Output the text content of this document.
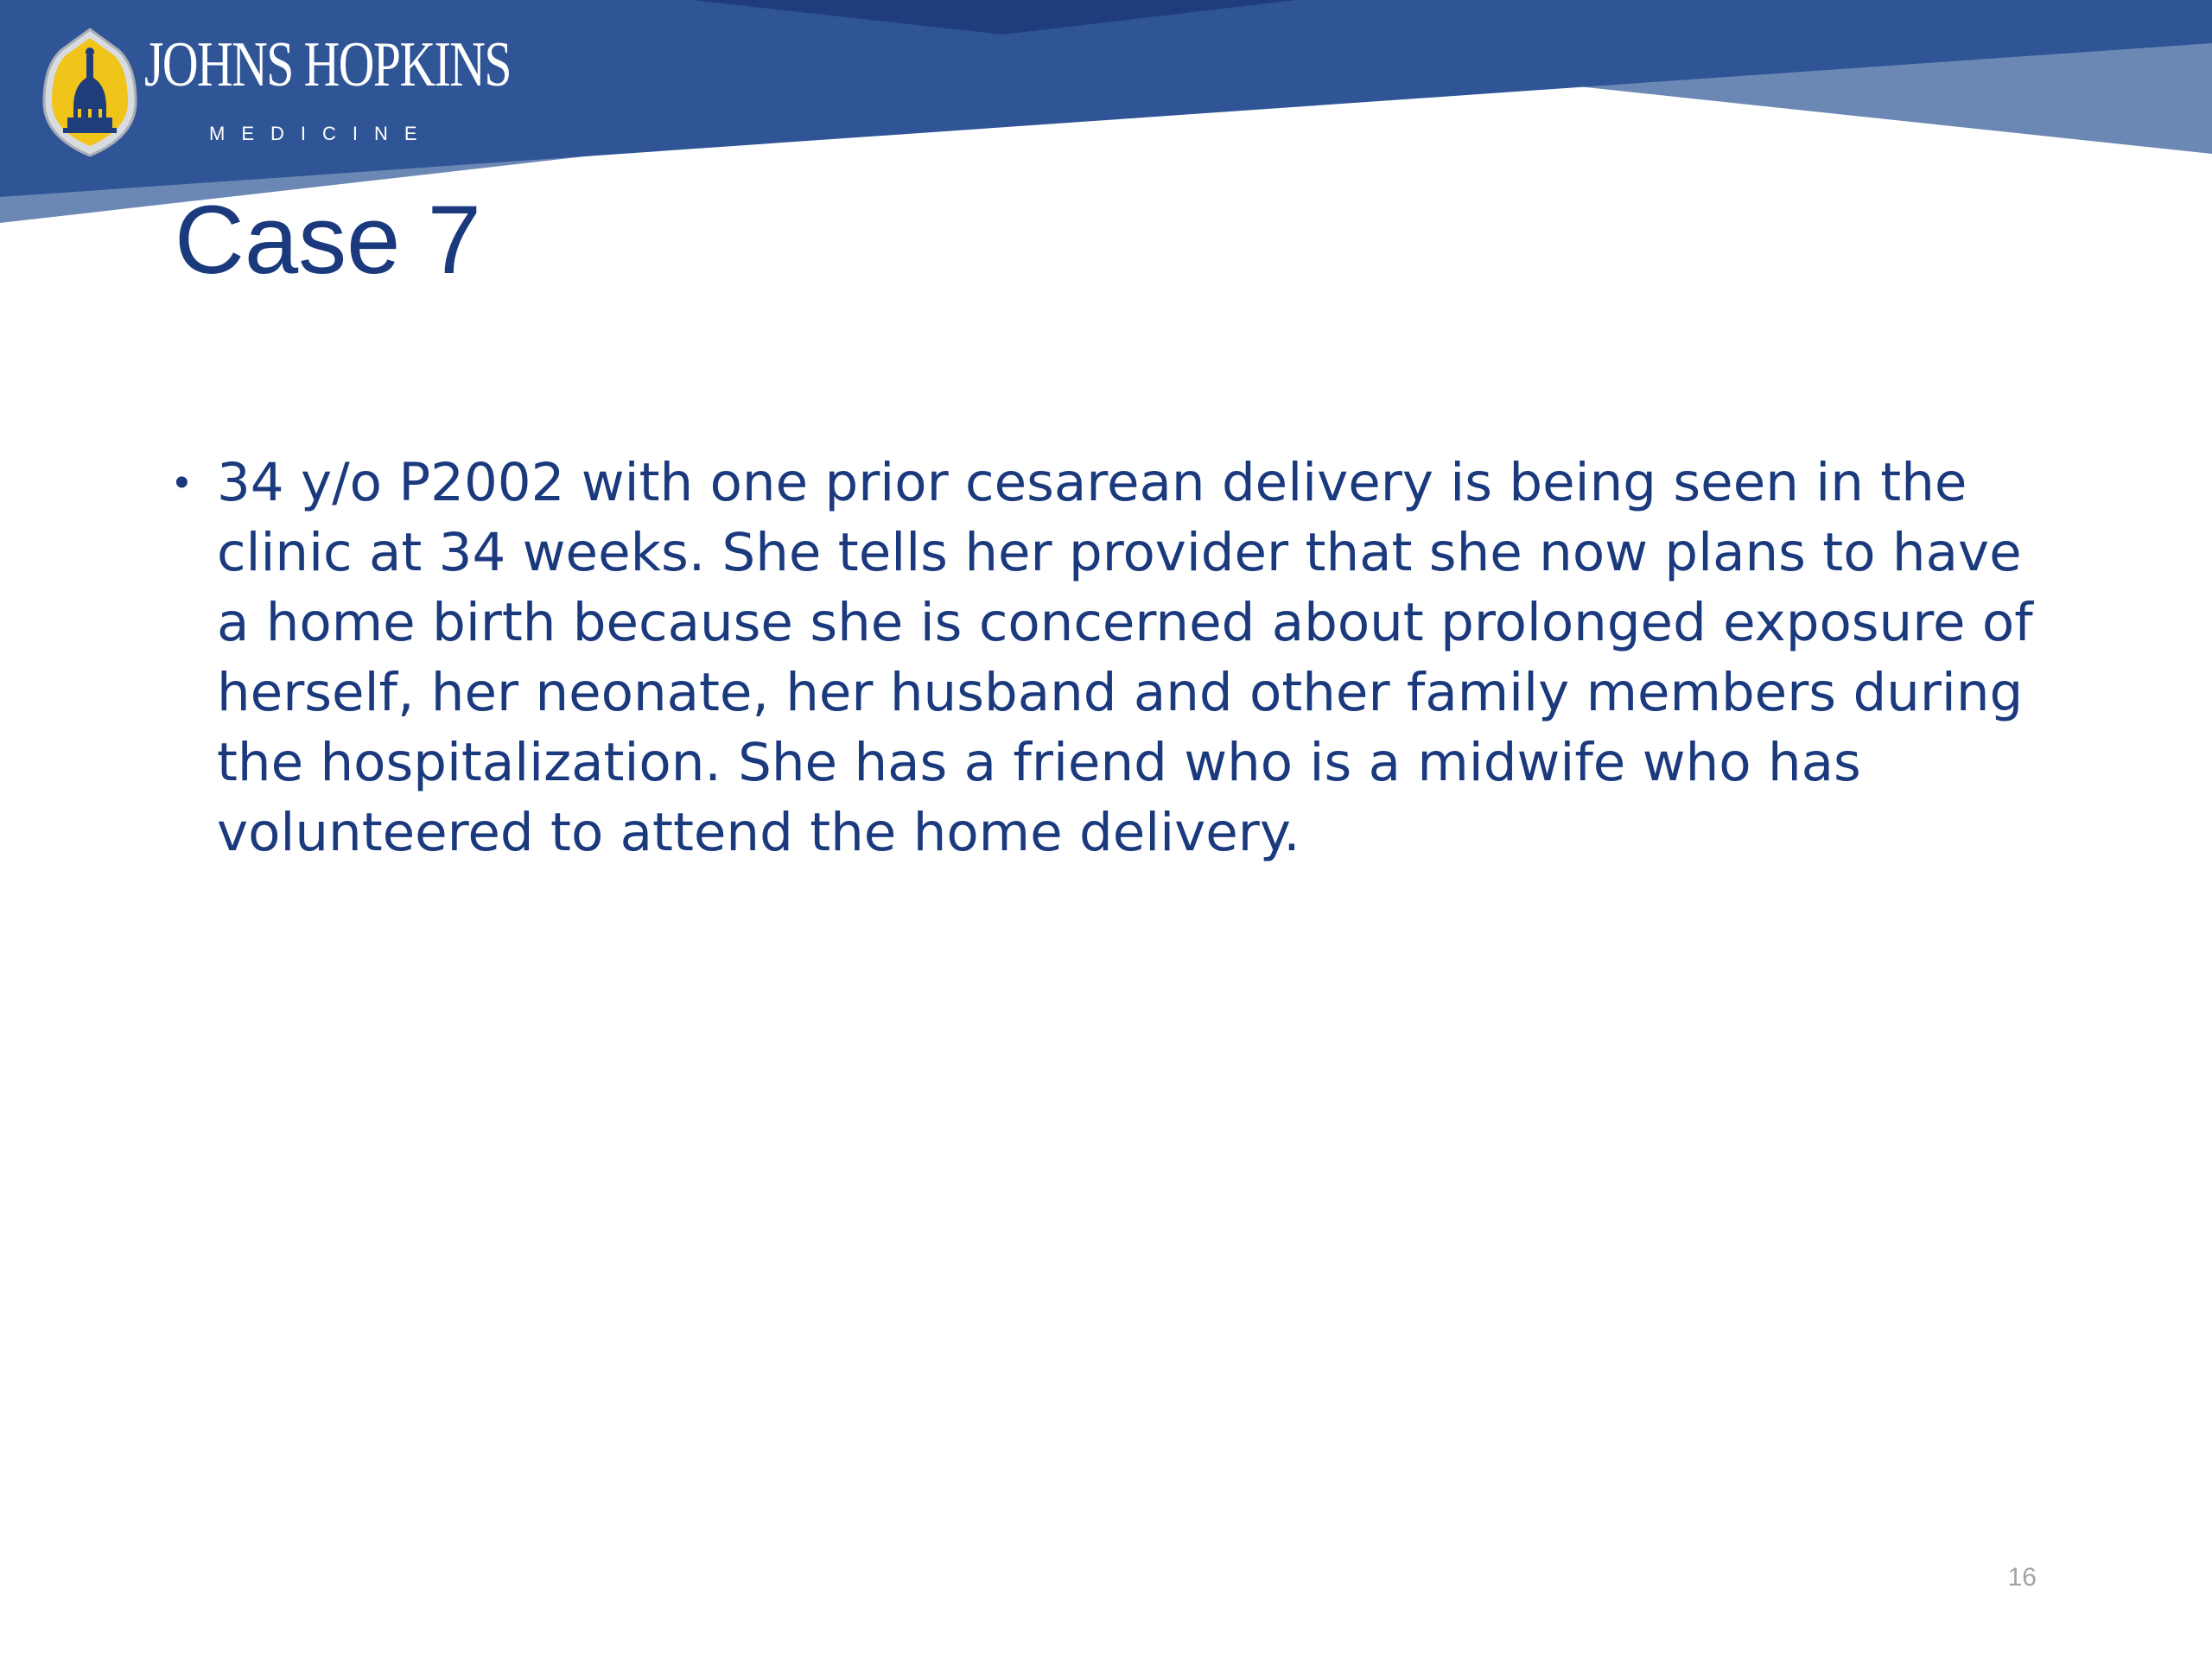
JOHNS HOPKINS
MEDICINE
Case 7
• 34 y/o P2002 with one prior cesarean delivery is being seen in the clinic at 34 weeks. She tells her provider that she now plans to have a home birth because she is concerned about prolonged exposure of herself, her neonate, her husband and other family members during the hospitalization. She has a friend who is a midwife who has volunteered to attend the home delivery.
16
